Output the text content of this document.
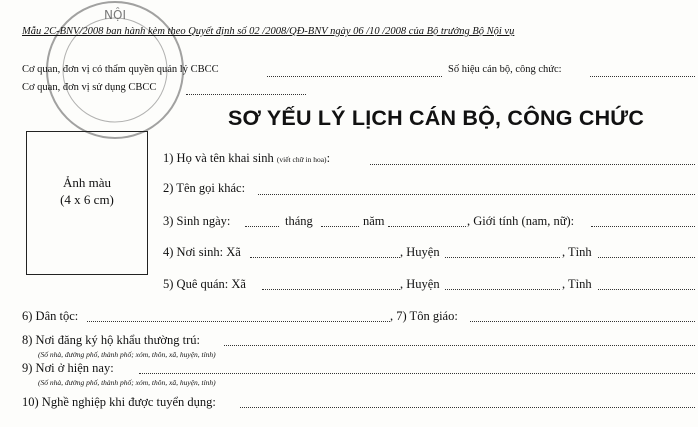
NỘI
Mẫu 2C-BNV/2008 ban hành kèm theo Quyết định số 02 /2008/QĐ-BNV ngày 06 /10 /2008 của Bộ trưởng Bộ Nội vụ
Cơ quan, đơn vị có thẩm quyền quản lý CBCC	Số hiệu cán bộ, công chức:
Cơ quan, đơn vị sử dụng CBCC
SƠ YẾU LÝ LỊCH CÁN BỘ, CÔNG CHỨC
Ảnh màu
(4 x 6 cm)
1) Họ và tên khai sinh (viết chữ in hoa):
2) Tên gọi khác:
3) Sinh ngày:	tháng	năm	, Giới tính (nam, nữ):
4) Nơi sinh: Xã	, Huyện	, Tỉnh
5) Quê quán: Xã	, Huyện	, Tỉnh
6) Dân tộc:	, 7) Tôn giáo:
8) Nơi đăng ký hộ khẩu thường trú:
(Số nhà, đường phố, thành phố; xóm, thôn, xã, huyện, tỉnh)
9) Nơi ở hiện nay:
(Số nhà, đường phố, thành phố; xóm, thôn, xã, huyện, tỉnh)
10) Nghề nghiệp khi được tuyển dụng:
